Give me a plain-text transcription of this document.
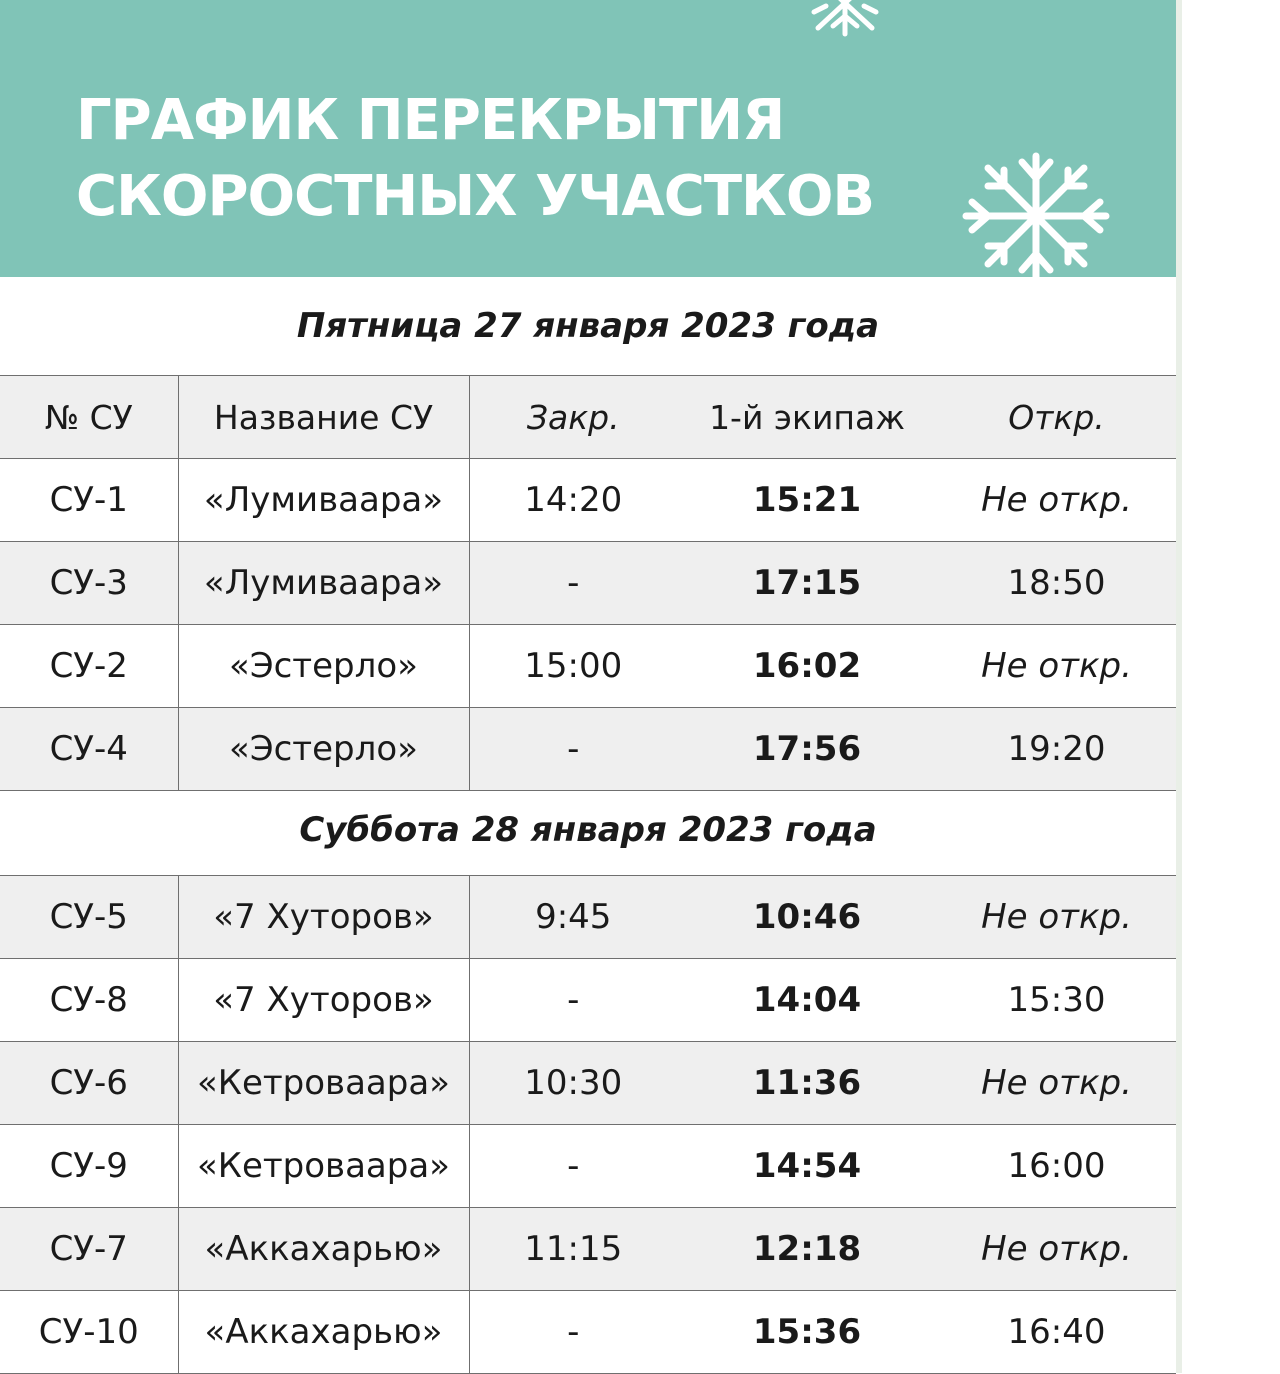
ГРАФИК ПЕРЕКРЫТИЯ
СКОРОСТНЫХ УЧАСТКОВ
Пятница 27 января 2023 года
№ СУ	Название СУ	Закр.	1-й экипаж	Откр.
СУ-1	«Лумиваара»	14:20	15:21	Не откр.
СУ-3	«Лумиваара»	-	17:15	18:50
СУ-2	«Эстерло»	15:00	16:02	Не откр.
СУ-4	«Эстерло»	-	17:56	19:20
Суббота 28 января 2023 года
СУ-5	«7 Хуторов»	9:45	10:46	Не откр.
СУ-8	«7 Хуторов»	-	14:04	15:30
СУ-6	«Кетроваара»	10:30	11:36	Не откр.
СУ-9	«Кетроваара»	-	14:54	16:00
СУ-7	«Аккахарью»	11:15	12:18	Не откр.
СУ-10	«Аккахарью»	-	15:36	16:40
